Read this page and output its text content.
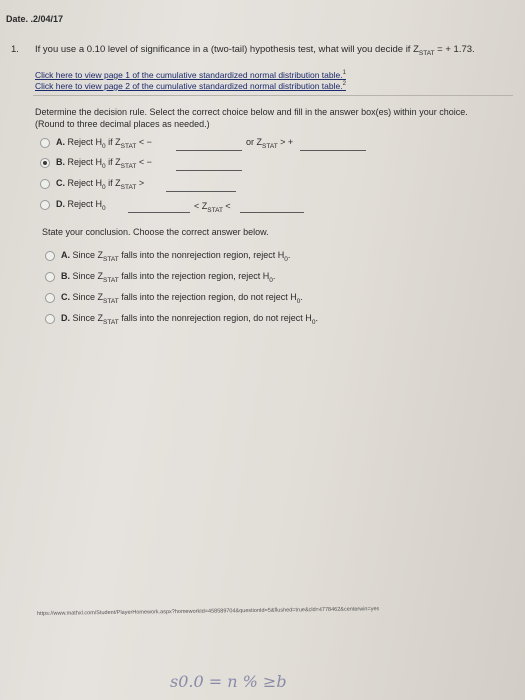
Date. .2/04/17
1. If you use a 0.10 level of significance in a (two-tail) hypothesis test, what will you decide if $Z_{STAT}$ = + 1.73.
Click here to view page 1 of the cumulative standardized normal distribution table.$^1$
Click here to view page 2 of the cumulative standardized normal distribution table.$^2$
Determine the decision rule. Select the correct choice below and fill in the answer box(es) within your choice.
(Round to three decimal places as needed.)
A. Reject $H_0$ if $Z_{STAT}$ < −	or $Z_{STAT}$ > +
B. Reject $H_0$ if $Z_{STAT}$ < −
C. Reject $H_0$ if $Z_{STAT}$ >
D. Reject $H_0$	< $Z_{STAT}$ <
State your conclusion. Choose the correct answer below.
A. Since $Z_{STAT}$ falls into the nonrejection region, reject $H_0$.
B. Since $Z_{STAT}$ falls into the rejection region, reject $H_0$.
C. Since $Z_{STAT}$ falls into the rejection region, do not reject $H_0$.
D. Since $Z_{STAT}$ falls into the nonrejection region, do not reject $H_0$.
https://www.mathxl.com/Student/PlayerHomework.aspx?homeworkId=458589704&questionId=5&flushed=true&cld=4778462&centerwin=yes
s0.0 = n % ≥b
